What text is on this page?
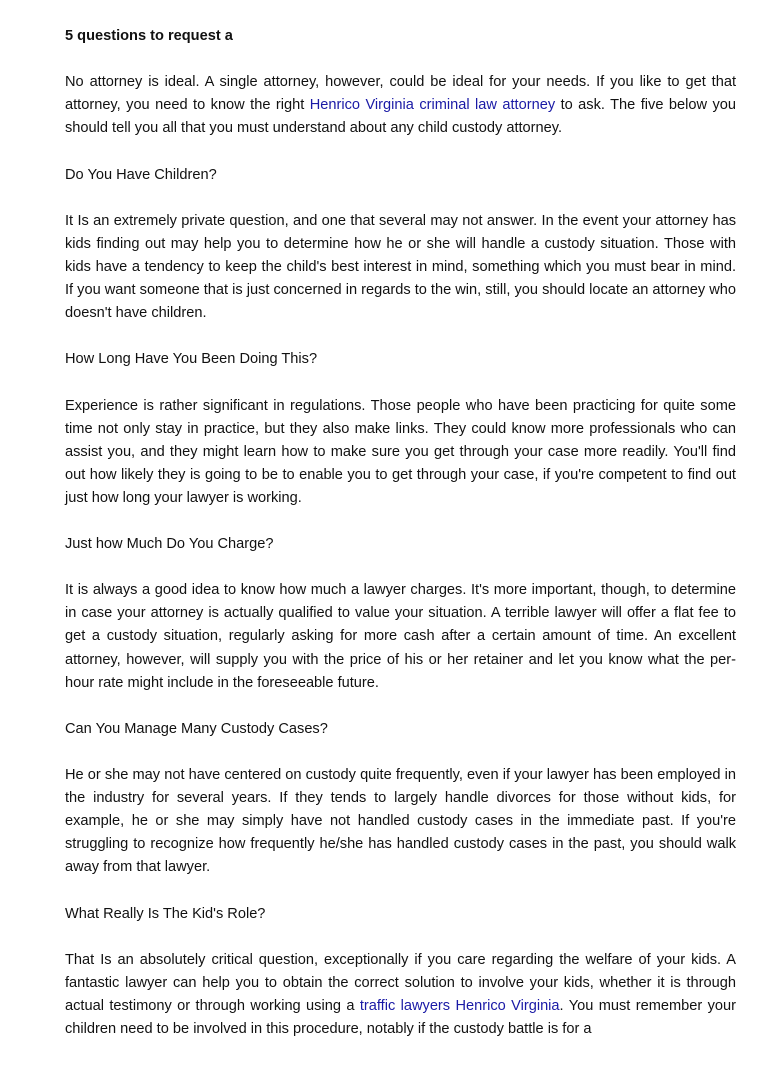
5 questions to request a

No attorney is ideal. A single attorney, however, could be ideal for your needs. If you like to get that attorney, you need to know the right Henrico Virginia criminal law attorney to ask. The five below you should tell you all that you must understand about any child custody attorney.

Do You Have Children?

It Is an extremely private question, and one that several may not answer. In the event your attorney has kids finding out may help you to determine how he or she will handle a custody situation. Those with kids have a tendency to keep the child's best interest in mind, something which you must bear in mind. If you want someone that is just concerned in regards to the win, still, you should locate an attorney who doesn't have children.

How Long Have You Been Doing This?

Experience is rather significant in regulations. Those people who have been practicing for quite some time not only stay in practice, but they also make links. They could know more professionals who can assist you, and they might learn how to make sure you get through your case more readily. You'll find out how likely they is going to be to enable you to get through your case, if you're competent to find out just how long your lawyer is working.

Just how Much Do You Charge?

It is always a good idea to know how much a lawyer charges. It's more important, though, to determine in case your attorney is actually qualified to value your situation. A terrible lawyer will offer a flat fee to get a custody situation, regularly asking for more cash after a certain amount of time. An excellent attorney, however, will supply you with the price of his or her retainer and let you know what the per-hour rate might include in the foreseeable future.

Can You Manage Many Custody Cases?

He or she may not have centered on custody quite frequently, even if your lawyer has been employed in the industry for several years. If they tends to largely handle divorces for those without kids, for example, he or she may simply have not handled custody cases in the immediate past. If you're struggling to recognize how frequently he/she has handled custody cases in the past, you should walk away from that lawyer.

What Really Is The Kid's Role?

That Is an absolutely critical question, exceptionally if you care regarding the welfare of your kids. A fantastic lawyer can help you to obtain the correct solution to involve your kids, whether it is through actual testimony or through working using a traffic lawyers Henrico Virginia. You must remember your children need to be involved in this procedure, notably if the custody battle is for a
